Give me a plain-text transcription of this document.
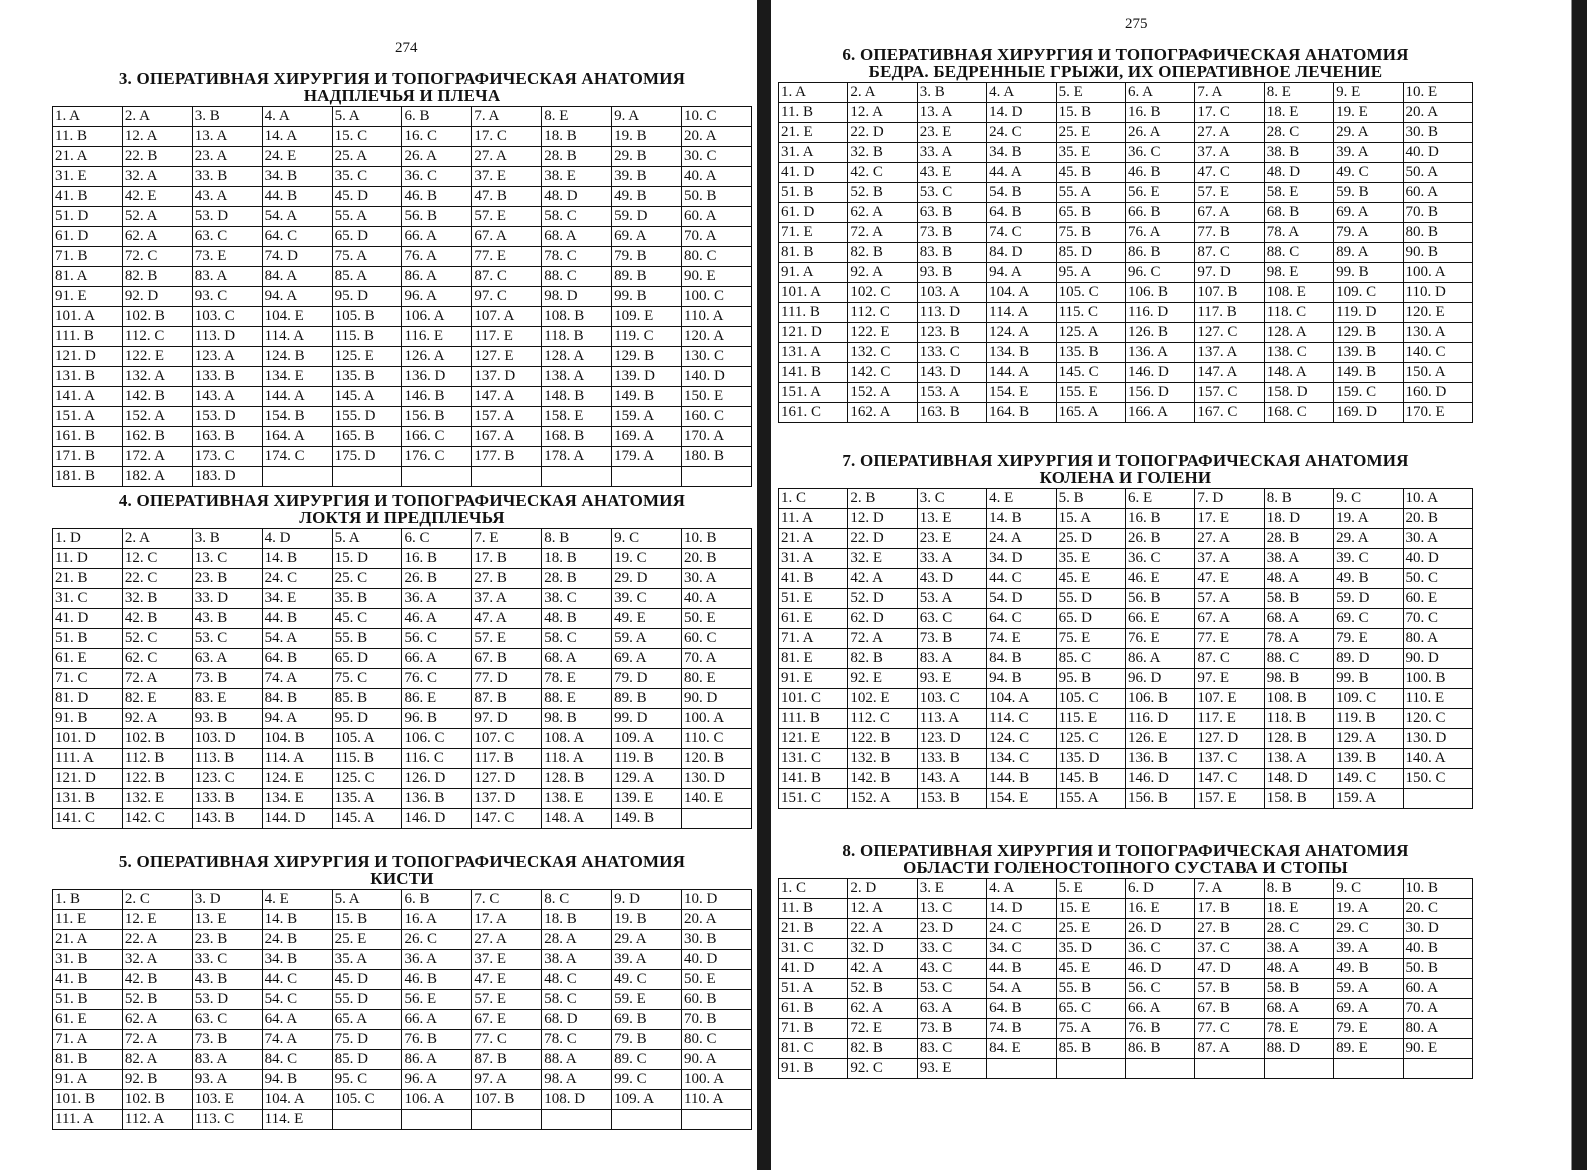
274
3. ОПЕРАТИВНАЯ ХИРУРГИЯ И ТОПОГРАФИЧЕСКАЯ АНАТОМИЯ
НАДПЛЕЧЬЯ И ПЛЕЧА
1. A	2. A	3. B	4. A	5. A	6. B	7. A	8. E	9. A	10. C
11. B	12. A	13. A	14. A	15. C	16. C	17. C	18. B	19. B	20. A
21. A	22. B	23. A	24. E	25. A	26. A	27. A	28. B	29. B	30. C
31. E	32. A	33. B	34. B	35. C	36. C	37. E	38. E	39. B	40. A
41. B	42. E	43. A	44. B	45. D	46. B	47. B	48. D	49. B	50. B
51. D	52. A	53. D	54. A	55. A	56. B	57. E	58. C	59. D	60. A
61. D	62. A	63. C	64. C	65. D	66. A	67. A	68. A	69. A	70. A
71. B	72. C	73. E	74. D	75. A	76. A	77. E	78. C	79. B	80. C
81. A	82. B	83. A	84. A	85. A	86. A	87. C	88. C	89. B	90. E
91. E	92. D	93. C	94. A	95. D	96. A	97. C	98. D	99. B	100. C
101. A	102. B	103. C	104. E	105. B	106. A	107. A	108. B	109. E	110. A
111. B	112. C	113. D	114. A	115. B	116. E	117. E	118. B	119. C	120. A
121. D	122. E	123. A	124. B	125. E	126. A	127. E	128. A	129. B	130. C
131. B	132. A	133. B	134. E	135. B	136. D	137. D	138. A	139. D	140. D
141. A	142. B	143. A	144. A	145. A	146. B	147. A	148. B	149. B	150. E
151. A	152. A	153. D	154. B	155. D	156. B	157. A	158. E	159. A	160. C
161. B	162. B	163. B	164. A	165. B	166. C	167. A	168. B	169. A	170. A
171. B	172. A	173. C	174. C	175. D	176. C	177. B	178. A	179. A	180. B
181. B	182. A	183. D							
4. ОПЕРАТИВНАЯ ХИРУРГИЯ И ТОПОГРАФИЧЕСКАЯ АНАТОМИЯ
ЛОКТЯ И ПРЕДПЛЕЧЬЯ
1. D	2. A	3. B	4. D	5. A	6. C	7. E	8. B	9. C	10. B
11. D	12. C	13. C	14. B	15. D	16. B	17. B	18. B	19. C	20. B
21. B	22. C	23. B	24. C	25. C	26. B	27. B	28. B	29. D	30. A
31. C	32. B	33. D	34. E	35. B	36. A	37. A	38. C	39. C	40. A
41. D	42. B	43. B	44. B	45. C	46. A	47. A	48. B	49. E	50. E
51. B	52. C	53. C	54. A	55. B	56. C	57. E	58. C	59. A	60. C
61. E	62. C	63. A	64. B	65. D	66. A	67. B	68. A	69. A	70. A
71. C	72. A	73. B	74. A	75. C	76. C	77. D	78. E	79. D	80. E
81. D	82. E	83. E	84. B	85. B	86. E	87. B	88. E	89. B	90. D
91. B	92. A	93. B	94. A	95. D	96. B	97. D	98. B	99. D	100. A
101. D	102. B	103. D	104. B	105. A	106. C	107. C	108. A	109. A	110. C
111. A	112. B	113. B	114. A	115. B	116. C	117. B	118. A	119. B	120. B
121. D	122. B	123. C	124. E	125. C	126. D	127. D	128. B	129. A	130. D
131. B	132. E	133. B	134. E	135. A	136. B	137. D	138. E	139. E	140. E
141. C	142. C	143. B	144. D	145. A	146. D	147. C	148. A	149. B	
5. ОПЕРАТИВНАЯ ХИРУРГИЯ И ТОПОГРАФИЧЕСКАЯ АНАТОМИЯ
КИСТИ
1. B	2. C	3. D	4. E	5. A	6. B	7. C	8. C	9. D	10. D
11. E	12. E	13. E	14. B	15. B	16. A	17. A	18. B	19. B	20. A
21. A	22. A	23. B	24. B	25. E	26. C	27. A	28. A	29. A	30. B
31. B	32. A	33. C	34. B	35. A	36. A	37. E	38. A	39. A	40. D
41. B	42. B	43. B	44. C	45. D	46. B	47. E	48. C	49. C	50. E
51. B	52. B	53. D	54. C	55. D	56. E	57. E	58. C	59. E	60. B
61. E	62. A	63. C	64. A	65. A	66. A	67. E	68. D	69. B	70. B
71. A	72. A	73. B	74. A	75. D	76. B	77. C	78. C	79. B	80. C
81. B	82. A	83. A	84. C	85. D	86. A	87. B	88. A	89. C	90. A
91. A	92. B	93. A	94. B	95. C	96. A	97. A	98. A	99. C	100. A
101. B	102. B	103. E	104. A	105. C	106. A	107. B	108. D	109. A	110. A
111. A	112. A	113. C	114. E						
275
6. ОПЕРАТИВНАЯ ХИРУРГИЯ И ТОПОГРАФИЧЕСКАЯ АНАТОМИЯ
БЕДРА. БЕДРЕННЫЕ ГРЫЖИ, ИХ ОПЕРАТИВНОЕ ЛЕЧЕНИЕ
1. A	2. A	3. B	4. A	5. E	6. A	7. A	8. E	9. E	10. E
11. B	12. A	13. A	14. D	15. B	16. B	17. C	18. E	19. E	20. A
21. E	22. D	23. E	24. C	25. E	26. A	27. A	28. C	29. A	30. B
31. A	32. B	33. A	34. B	35. E	36. C	37. A	38. B	39. A	40. D
41. D	42. C	43. E	44. A	45. B	46. B	47. C	48. D	49. C	50. A
51. B	52. B	53. C	54. B	55. A	56. E	57. E	58. E	59. B	60. A
61. D	62. A	63. B	64. B	65. B	66. B	67. A	68. B	69. A	70. B
71. E	72. A	73. B	74. C	75. B	76. A	77. B	78. A	79. A	80. B
81. B	82. B	83. B	84. D	85. D	86. B	87. C	88. C	89. A	90. B
91. A	92. A	93. B	94. A	95. A	96. C	97. D	98. E	99. B	100. A
101. A	102. C	103. A	104. A	105. C	106. B	107. B	108. E	109. C	110. D
111. B	112. C	113. D	114. A	115. C	116. D	117. B	118. C	119. D	120. E
121. D	122. E	123. B	124. A	125. A	126. B	127. C	128. A	129. B	130. A
131. A	132. C	133. C	134. B	135. B	136. A	137. A	138. C	139. B	140. C
141. B	142. C	143. D	144. A	145. C	146. D	147. A	148. A	149. B	150. A
151. A	152. A	153. A	154. E	155. E	156. D	157. C	158. D	159. C	160. D
161. C	162. A	163. B	164. B	165. A	166. A	167. C	168. C	169. D	170. E
7. ОПЕРАТИВНАЯ ХИРУРГИЯ И ТОПОГРАФИЧЕСКАЯ АНАТОМИЯ
КОЛЕНА И ГОЛЕНИ
1. C	2. B	3. C	4. E	5. B	6. E	7. D	8. B	9. C	10. A
11. A	12. D	13. E	14. B	15. A	16. B	17. E	18. D	19. A	20. B
21. A	22. D	23. E	24. A	25. D	26. B	27. A	28. B	29. A	30. A
31. A	32. E	33. A	34. D	35. E	36. C	37. A	38. A	39. C	40. D
41. B	42. A	43. D	44. C	45. E	46. E	47. E	48. A	49. B	50. C
51. E	52. D	53. A	54. D	55. D	56. B	57. A	58. B	59. D	60. E
61. E	62. D	63. C	64. C	65. D	66. E	67. A	68. A	69. C	70. C
71. A	72. A	73. B	74. E	75. E	76. E	77. E	78. A	79. E	80. A
81. E	82. B	83. A	84. B	85. C	86. A	87. C	88. C	89. D	90. D
91. E	92. E	93. E	94. B	95. B	96. D	97. E	98. B	99. B	100. B
101. C	102. E	103. C	104. A	105. C	106. B	107. E	108. B	109. C	110. E
111. B	112. C	113. A	114. C	115. E	116. D	117. E	118. B	119. B	120. C
121. E	122. B	123. D	124. C	125. C	126. E	127. D	128. B	129. A	130. D
131. C	132. B	133. B	134. C	135. D	136. B	137. C	138. A	139. B	140. A
141. B	142. B	143. A	144. B	145. B	146. D	147. C	148. D	149. C	150. C
151. C	152. A	153. B	154. E	155. A	156. B	157. E	158. B	159. A	
8. ОПЕРАТИВНАЯ ХИРУРГИЯ И ТОПОГРАФИЧЕСКАЯ АНАТОМИЯ
ОБЛАСТИ ГОЛЕНОСТОПНОГО СУСТАВА И СТОПЫ
1. C	2. D	3. E	4. A	5. E	6. D	7. A	8. B	9. C	10. B
11. B	12. A	13. C	14. D	15. E	16. E	17. B	18. E	19. A	20. C
21. B	22. A	23. D	24. C	25. E	26. D	27. B	28. C	29. C	30. D
31. C	32. D	33. C	34. C	35. D	36. C	37. C	38. A	39. A	40. B
41. D	42. A	43. C	44. B	45. E	46. D	47. D	48. A	49. B	50. B
51. A	52. B	53. C	54. A	55. B	56. C	57. B	58. B	59. A	60. A
61. B	62. A	63. A	64. B	65. C	66. A	67. B	68. A	69. A	70. A
71. B	72. E	73. B	74. B	75. A	76. B	77. C	78. E	79. E	80. A
81. C	82. B	83. C	84. E	85. B	86. B	87. A	88. D	89. E	90. E
91. B	92. C	93. E							
